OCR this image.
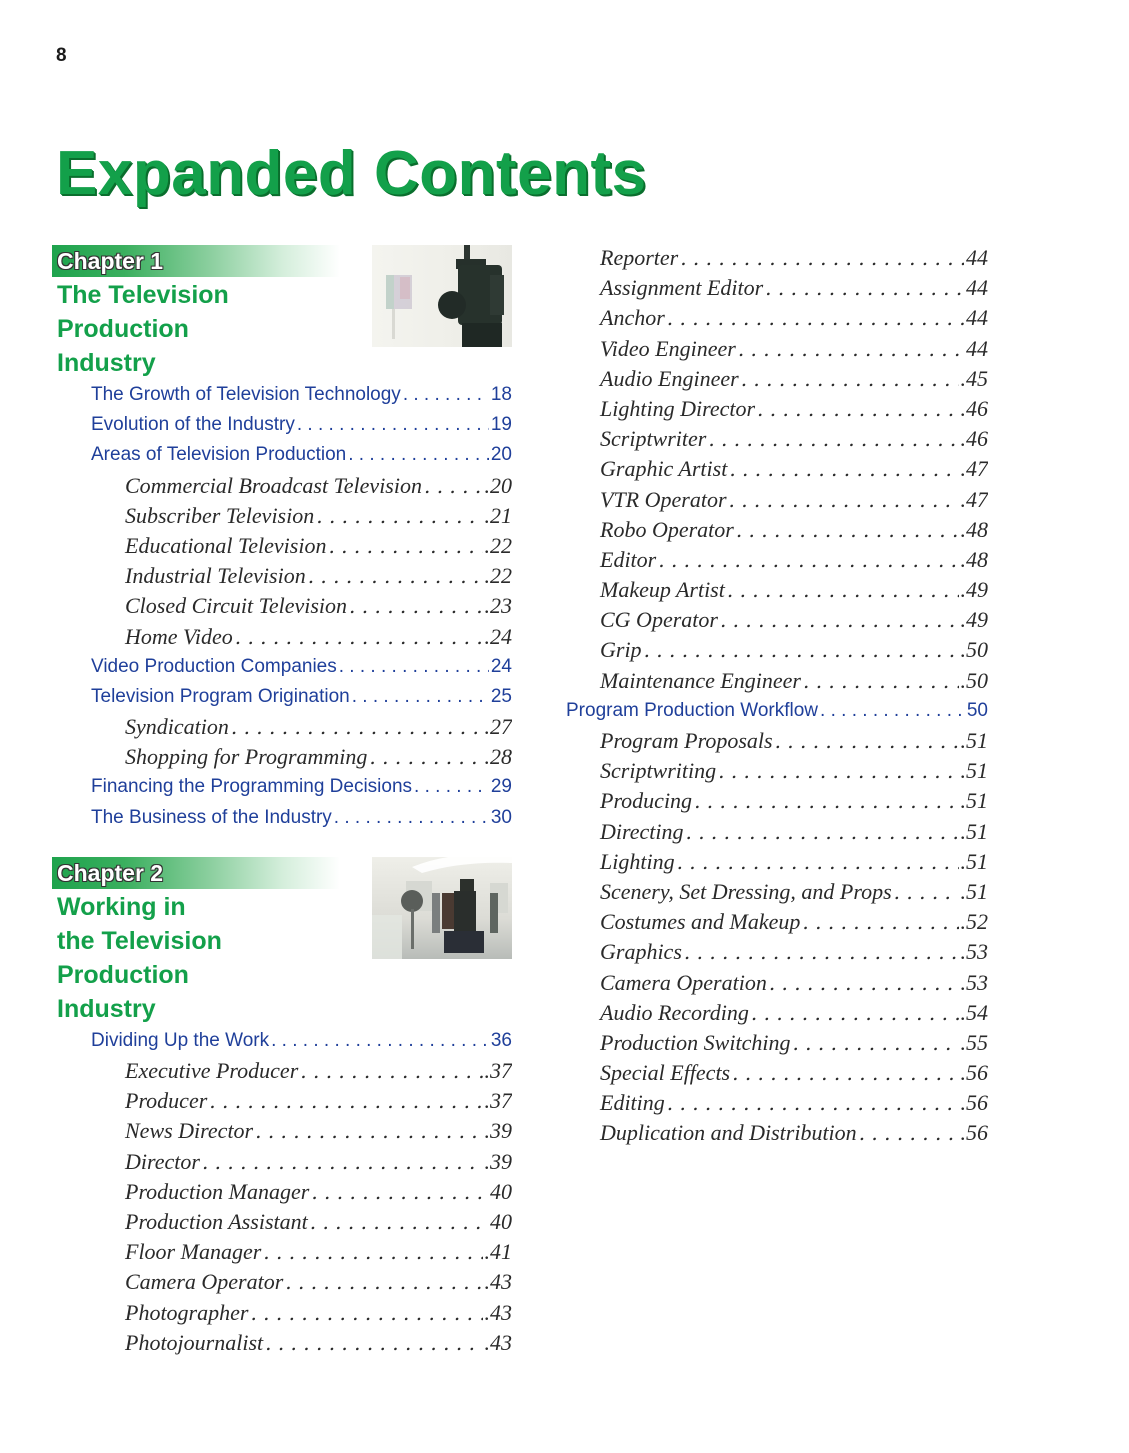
8
Expanded Contents
Chapter 1
The Television
Production
Industry
The Growth of Television Technology . . .	18
Evolution of the Industry . . .	19
Areas of Television Production . . .	20
Commercial Broadcast Television . . .	.20
Subscriber Television . . .	.21
Educational Television . . .	.22
Industrial Television . . .	.22
Closed Circuit Television . . .	.23
Home Video . . .	.24
Video Production Companies . . .	24
Television Program Origination . . .	25
Syndication . . .	.27
Shopping for Programming . . .	.28
Financing the Programming Decisions . . .	29
The Business of the Industry . . .	30
Chapter 2
Working in
the Television
Production
Industry
Dividing Up the Work . . .	36
Executive Producer . . .	.37
Producer . . .	.37
News Director . . .	.39
Director . . .	.39
Production Manager . . .	40
Production Assistant . . .	40
Floor Manager . . .	.41
Camera Operator . . .	.43
Photographer . . .	.43
Photojournalist . . .	.43
Reporter . . .	44
Assignment Editor . . .	44
Anchor . . .	44
Video Engineer . . .	44
Audio Engineer . . .	.45
Lighting Director . . .	.46
Scriptwriter . . .	.46
Graphic Artist . . .	.47
VTR Operator . . .	.47
Robo Operator . . .	.48
Editor . . .	.48
Makeup Artist . . .	.49
CG Operator . . .	.49
Grip . . .	.50
Maintenance Engineer . . .	.50
Program Production Workflow . . .	50
Program Proposals . . .	.51
Scriptwriting . . .	.51
Producing . . .	.51
Directing . . .	.51
Lighting . . .	.51
Scenery, Set Dressing, and Props . . .	.51
Costumes and Makeup . . .	.52
Graphics . . .	.53
Camera Operation . . .	.53
Audio Recording . . .	.54
Production Switching . . .	.55
Special Effects . . .	.56
Editing . . .	.56
Duplication and Distribution . . .	.56
